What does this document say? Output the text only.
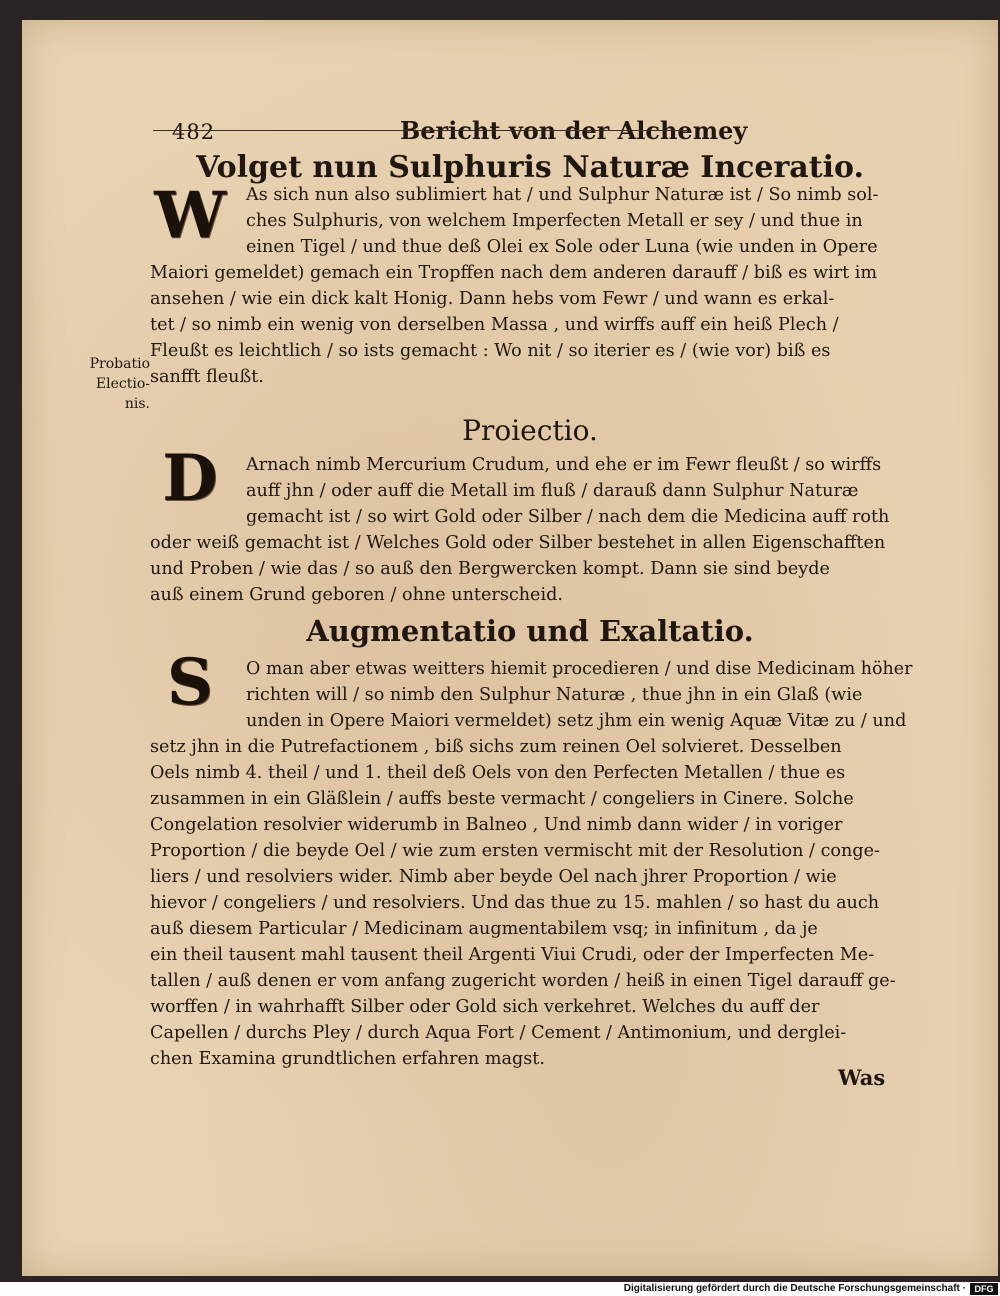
482	Bericht von der Alchemey
Volget nun Sulphuris Naturæ Inceratio.
W As sich nun also sublimiert hat / und Sulphur Naturæ ist / So nimb sol-
ches Sulphuris, von welchem Imperfecten Metall er sey / und thue in
einen Tigel / und thue deß Olei ex Sole oder Luna (wie unden in Opere
Maiori gemeldet) gemach ein Tropffen nach dem anderen darauff / biß es wirt im
ansehen / wie ein dick kalt Honig. Dann hebs vom Fewr / und wann es erkal-
tet / so nimb ein wenig von derselben Massa , und wirffs auff ein heiß Plech /
Fleußt es leichtlich / so ists gemacht : Wo nit / so iterier es / (wie vor) biß es
sanfft fleußt.
Probatio
Electio-
nis.
Proiectio.
D	Arnach nimb Mercurium Crudum, und ehe er im Fewr fleußt / so wirffs
auff jhn / oder auff die Metall im fluß / darauß dann Sulphur Naturæ
gemacht ist / so wirt Gold oder Silber / nach dem die Medicina auff roth
oder weiß gemacht ist / Welches Gold oder Silber bestehet in allen Eigenschafften
und Proben / wie das / so auß den Bergwercken kompt. Dann sie sind beyde
auß einem Grund geboren / ohne unterscheid.
Augmentatio und Exaltatio.
S	O man aber etwas weitters hiemit procedieren / und dise Medicinam höher
richten will / so nimb den Sulphur Naturæ , thue jhn in ein Glaß (wie
unden in Opere Maiori vermeldet) setz jhm ein wenig Aquæ Vitæ zu / und
setz jhn in die Putrefactionem , biß sichs zum reinen Oel solvieret. Desselben
Oels nimb 4. theil / und 1. theil deß Oels von den Perfecten Metallen / thue es
zusammen in ein Gläßlein / auffs beste vermacht / congeliers in Cinere. Solche
Congelation resolvier widerumb in Balneo , Und nimb dann wider / in voriger
Proportion / die beyde Oel / wie zum ersten vermischt mit der Resolution / conge-
liers / und resolviers wider. Nimb aber beyde Oel nach jhrer Proportion / wie
hievor / congeliers / und resolviers. Und das thue zu 15. mahlen / so hast du auch
auß diesem Particular / Medicinam augmentabilem vsq; in infinitum , da je
ein theil tausent mahl tausent theil Argenti Viui Crudi, oder der Imperfecten Me-
tallen / auß denen er vom anfang zugericht worden / heiß in einen Tigel darauff ge-
worffen / in wahrhafft Silber oder Gold sich verkehret. Welches du auff der
Capellen / durchs Pley / durch Aqua Fort / Cement / Antimonium, und derglei-
chen Examina grundtlichen erfahren magst.
Was
Digitalisierung gefördert durch die Deutsche Forschungsgemeinschaft · DFG
